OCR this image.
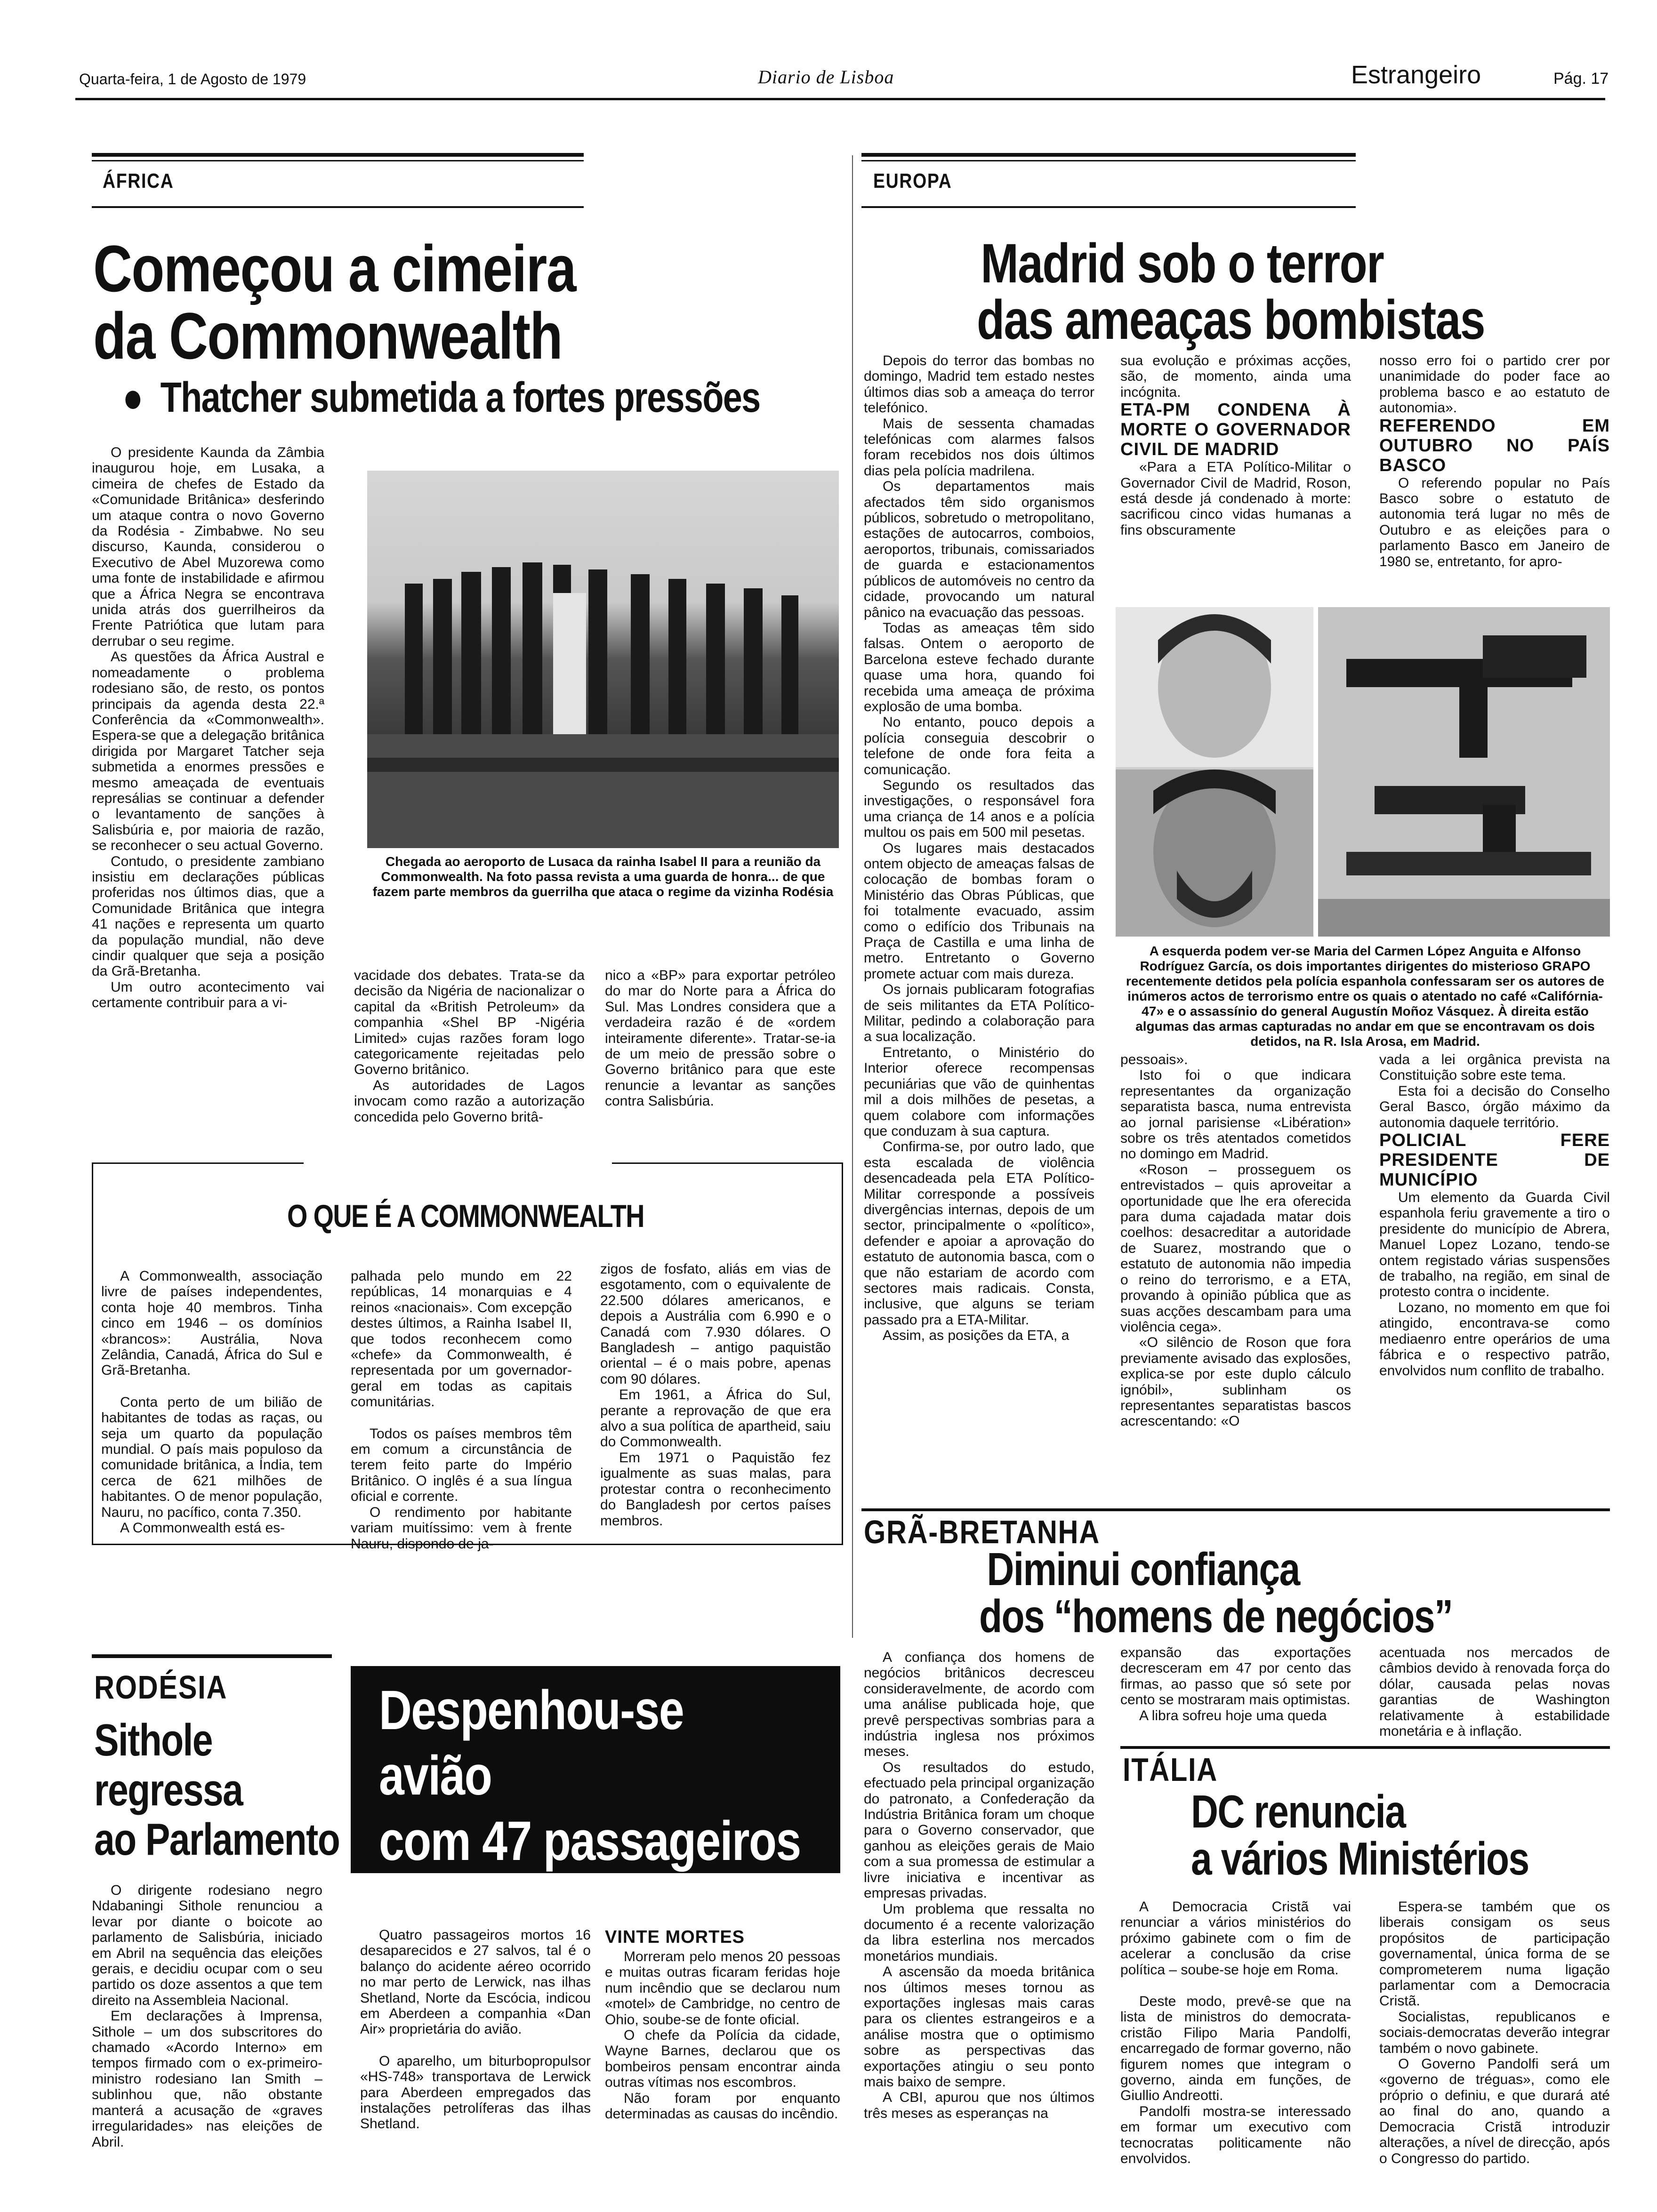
Quarta-feira, 1 de Agosto de 1979	Diario de Lisboa	Estrangeiro	Pág. 17
ÁFRICA
Começou a cimeira
da Commonwealth
●  Thatcher submetida a fortes pressões

O presidente Kaunda da Zâmbia inaugurou hoje, em Lusaka, a cimeira de chefes de Estado da «Comunidade Britânica» desferindo um ataque contra o novo Governo da Rodésia - Zimbabwe. No seu discurso, Kaunda, considerou o Executivo de Abel Muzorewa como uma fonte de instabilidade e afirmou que a África Negra se encontrava unida atrás dos guerrilheiros da Frente Patriótica que lutam para derrubar o seu regime.

As questões da África Austral e nomeadamente o problema rodesiano são, de resto, os pontos principais da agenda desta 22.ª Conferência da «Commonwealth». Espera-se que a delegação britânica dirigida por Margaret Tatcher seja submetida a enormes pressões e mesmo ameaçada de eventuais represálias se continuar a defender o levantamento de sanções à Salisbúria e, por maioria de razão, se reconhecer o seu actual Governo.

Contudo, o presidente zambiano insistiu em declarações públicas proferidas nos últimos dias, que a Comunidade Britânica que integra 41 nações e representa um quarto da população mundial, não deve cindir qualquer que seja a posição da Grã-Bretanha.

Um outro acontecimento vai certamente contribuir para a vi-

Chegada ao aeroporto de Lusaca da rainha Isabel II para a reunião da Commonwealth. Na foto passa revista a uma guarda de honra... de que fazem parte membros da guerrilha que ataca o regime da vizinha Rodésia

vacidade dos debates. Trata-se da decisão da Nigéria de nacionalizar o capital da «British Petroleum» da companhia «Shel BP -Nigéria Limited» cujas razões foram logo categoricamente rejeitadas pelo Governo britânico.

As autoridades de Lagos invocam como razão a autorização concedida pelo Governo britâ-

nico a «BP» para exportar petróleo do mar do Norte para a África do Sul. Mas Londres considera que a verdadeira razão é de «ordem inteiramente diferente». Tratar-se-ia de um meio de pressão sobre o Governo britânico para que este renuncie a levantar as sanções contra Salisbúria.

O QUE É A COMMONWEALTH

A Commonwealth, associação livre de países independentes, conta hoje 40 membros. Tinha cinco em 1946 – os domínios «brancos»: Austrália, Nova Zelândia, Canadá, África do Sul e Grã-Bretanha.

Conta perto de um bilião de habitantes de todas as raças, ou seja um quarto da população mundial. O país mais populoso da comunidade britânica, a Índia, tem cerca de 621 milhões de habitantes. O de menor população, Nauru, no pacífico, conta 7.350.

A Commonwealth está es-

palhada pelo mundo em 22 repúblicas, 14 monarquias e 4 reinos «nacionais». Com excepção destes últimos, a Rainha Isabel II, que todos reconhecem como «chefe» da Commonwealth, é representada por um governador-geral em todas as capitais comunitárias.

Todos os países membros têm em comum a circunstância de terem feito parte do Império Britânico. O inglês é a sua língua oficial e corrente.

O rendimento por habitante variam muitíssimo: vem à frente Nauru, dispondo de ja-

zigos de fosfato, aliás em vias de esgotamento, com o equivalente de 22.500 dólares americanos, e depois a Austrália com 6.990 e o Canadá com 7.930 dólares. O Bangladesh – antigo paquistão oriental – é o mais pobre, apenas com 90 dólares.

Em 1961, a África do Sul, perante a reprovação de que era alvo a sua política de apartheid, saiu do Commonwealth.

Em 1971 o Paquistão fez igualmente as suas malas, para protestar contra o reconhecimento do Bangladesh por certos países membros.

EUROPA
Madrid sob o terror
das ameaças bombistas

Depois do terror das bombas no domingo, Madrid tem estado nestes últimos dias sob a ameaça do terror telefónico.

Mais de sessenta chamadas telefónicas com alarmes falsos foram recebidos nos dois últimos dias pela polícia madrilena.

Os departamentos mais afectados têm sido organismos públicos, sobretudo o metropolitano, estações de autocarros, comboios, aeroportos, tribunais, comissariados de guarda e estacionamentos públicos de automóveis no centro da cidade, provocando um natural pânico na evacuação das pessoas.

Todas as ameaças têm sido falsas. Ontem o aeroporto de Barcelona esteve fechado durante quase uma hora, quando foi recebida uma ameaça de próxima explosão de uma bomba.

No entanto, pouco depois a polícia conseguia descobrir o telefone de onde fora feita a comunicação.

Segundo os resultados das investigações, o responsável fora uma criança de 14 anos e a polícia multou os pais em 500 mil pesetas.

Os lugares mais destacados ontem objecto de ameaças falsas de colocação de bombas foram o Ministério das Obras Públicas, que foi totalmente evacuado, assim como o edifício dos Tribunais na Praça de Castilla e uma linha de metro. Entretanto o Governo promete actuar com mais dureza.

Os jornais publicaram fotografias de seis militantes da ETA Político-Militar, pedindo a colaboração para a sua localização.

Entretanto, o Ministério do Interior oferece recompensas pecuniárias que vão de quinhentas mil a dois milhões de pesetas, a quem colabore com informações que conduzam à sua captura.

Confirma-se, por outro lado, que esta escalada de violência desencadeada pela ETA Político-Militar corresponde a possíveis divergências internas, depois de um sector, principalmente o «político», defender e apoiar a aprovação do estatuto de autonomia basca, com o que não estariam de acordo com sectores mais radicais. Consta, inclusive, que alguns se teriam passado pra a ETA-Militar.

Assim, as posições da ETA, a

sua evolução e próximas acções, são, de momento, ainda uma incógnita.

ETA-PM CONDENA À MORTE O GOVERNADOR CIVIL DE MADRID

«Para a ETA Político-Militar o Governador Civil de Madrid, Roson, está desde já condenado à morte: sacrificou cinco vidas humanas a fins obscuramente

nosso erro foi o partido crer por unanimidade do poder face ao problema basco e ao estatuto de autonomia».

REFERENDO EM OUTUBRO NO PAÍS BASCO

O referendo popular no País Basco sobre o estatuto de autonomia terá lugar no mês de Outubro e as eleições para o parlamento Basco em Janeiro de 1980 se, entretanto, for apro-

A esquerda podem ver-se Maria del Carmen López Anguita e Alfonso Rodríguez García, os dois importantes dirigentes do misterioso GRAPO recentemente detidos pela polícia espanhola confessaram ser os autores de inúmeros actos de terrorismo entre os quais o atentado no café «Califórnia-47» e o assassínio do general Augustín Moñoz Vásquez. À direita estão algumas das armas capturadas no andar em que se encontravam os dois detidos, na R. Isla Arosa, em Madrid.

pessoais».

Isto foi o que indicara representantes da organização separatista basca, numa entrevista ao jornal parisiense «Libération» sobre os três atentados cometidos no domingo em Madrid.

«Roson – prosseguem os entrevistados – quis aproveitar a oportunidade que lhe era oferecida para duma cajadada matar dois coelhos: desacreditar a autoridade de Suarez, mostrando que o estatuto de autonomia não impedia o reino do terrorismo, e a ETA, provando à opinião pública que as suas acções descambam para uma violência cega».

«O silêncio de Roson que fora previamente avisado das explosões, explica-se por este duplo cálculo ignóbil», sublinham os representantes separatistas bascos acrescentando: «O

vada a lei orgânica prevista na Constituição sobre este tema.

Esta foi a decisão do Conselho Geral Basco, órgão máximo da autonomia daquele território.

POLICIAL FERE PRESIDENTE DE MUNICÍPIO

Um elemento da Guarda Civil espanhola feriu gravemente a tiro o presidente do município de Abrera, Manuel Lopez Lozano, tendo-se ontem registado várias suspensões de trabalho, na região, em sinal de protesto contra o incidente.

Lozano, no momento em que foi atingido, encontrava-se como mediaenro entre operários de uma fábrica e o respectivo patrão, envolvidos num conflito de trabalho.

GRÃ-BRETANHA
Diminui confiança
dos “homens de negócios”

A confiança dos homens de negócios britânicos decresceu consideravelmente, de acordo com uma análise publicada hoje, que prevê perspectivas sombrias para a indústria inglesa nos próximos meses.

Os resultados do estudo, efectuado pela principal organização do patronato, a Confederação da Indústria Britânica foram um choque para o Governo conservador, que ganhou as eleições gerais de Maio com a sua promessa de estimular a livre iniciativa e incentivar as empresas privadas.

Um problema que ressalta no documento é a recente valorização da libra esterlina nos mercados monetários mundiais.

A ascensão da moeda britânica nos últimos meses tornou as exportações inglesas mais caras para os clientes estrangeiros e a análise mostra que o optimismo sobre as perspectivas das exportações atingiu o seu ponto mais baixo de sempre.

A CBI, apurou que nos últimos três meses as esperanças na

expansão das exportações decresceram em 47 por cento das firmas, ao passo que só sete por cento se mostraram mais optimistas.

A libra sofreu hoje uma queda

acentuada nos mercados de câmbios devido à renovada força do dólar, causada pelas novas garantias de Washington relativamente à estabilidade monetária e à inflação.

ITÁLIA
DC renuncia
a vários Ministérios

A Democracia Cristã vai renunciar a vários ministérios do próximo gabinete com o fim de acelerar a conclusão da crise política – soube-se hoje em Roma.

Deste modo, prevê-se que na lista de ministros do democrata-cristão Filipo Maria Pandolfi, encarregado de formar governo, não figurem nomes que integram o governo, ainda em funções, de Giullio Andreotti.

Pandolfi mostra-se interessado em formar um executivo com tecnocratas politicamente não envolvidos.

Espera-se também que os liberais consigam os seus propósitos de participação governamental, única forma de se comprometerem numa ligação parlamentar com a Democracia Cristã.

Socialistas, republicanos e sociais-democratas deverão integrar também o novo gabinete.

O Governo Pandolfi será um «governo de tréguas», como ele próprio o definiu, e que durará até ao final do ano, quando a Democracia Cristã introduzir alterações, a nível de direcção, após o Congresso do partido.

RODÉSIA
Sithole
regressa
ao Parlamento

O dirigente rodesiano negro Ndabaningi Sithole renunciou a levar por diante o boicote ao parlamento de Salisbúria, iniciado em Abril na sequência das eleições gerais, e decidiu ocupar com o seu partido os doze assentos a que tem direito na Assembleia Nacional.

Em declarações à Imprensa, Sithole – um dos subscritores do chamado «Acordo Interno» em tempos firmado com o ex-primeiro-ministro rodesiano Ian Smith – sublinhou que, não obstante manterá a acusação de «graves irregularidades» nas eleições de Abril.

Despenhou-se
avião
com 47 passageiros

Quatro passageiros mortos 16 desaparecidos e 27 salvos, tal é o balanço do acidente aéreo ocorrido no mar perto de Lerwick, nas ilhas Shetland, Norte da Escócia, indicou em Aberdeen a companhia «Dan Air» proprietária do avião.

O aparelho, um biturbopropulsor «HS-748» transportava de Lerwick para Aberdeen empregados das instalações petrolíferas das ilhas Shetland.

VINTE MORTES

Morreram pelo menos 20 pessoas e muitas outras ficaram feridas hoje num incêndio que se declarou num «motel» de Cambridge, no centro de Ohio, soube-se de fonte oficial.

O chefe da Polícia da cidade, Wayne Barnes, declarou que os bombeiros pensam encontrar ainda outras vítimas nos escombros.

Não foram por enquanto determinadas as causas do incêndio.
